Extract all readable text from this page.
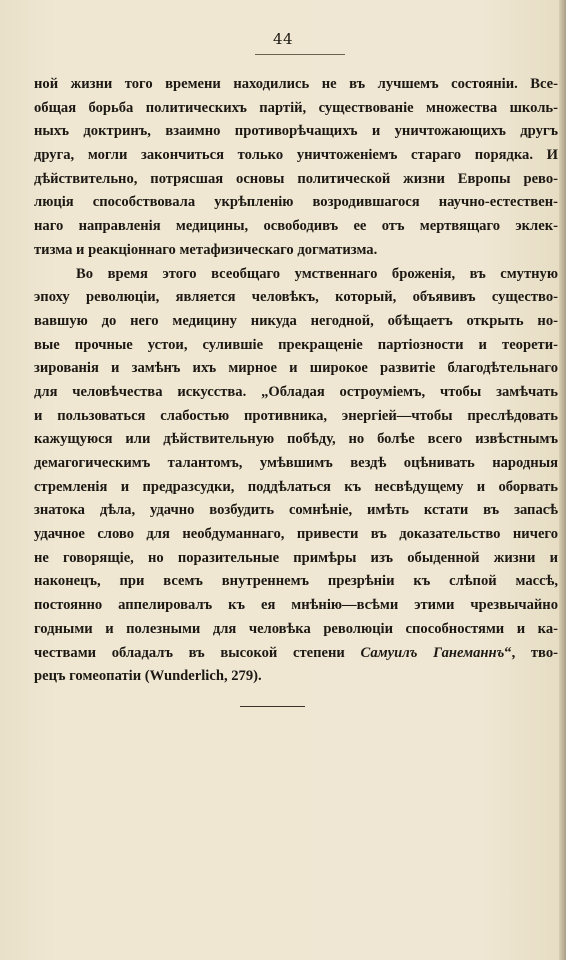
44
ной жизни того времени находились не въ лучшемъ состояніи. Все-
общая борьба политическихъ партій, существованіе множества школь-
ныхъ доктринъ, взаимно противорѣчащихъ и уничтожающихъ другъ
друга, могли закончиться только уничтоженіемъ стараго порядка. И
дѣйствительно, потрясшая основы политической жизни Европы рево-
люція способствовала укрѣпленію возродившагося научно-естествен-
наго направленія медицины, освободивъ ее отъ мертвящаго эклек-
тизма и реакціоннаго метафизическаго догматизма.
Во время этого всеобщаго умственнаго броженія, въ смутную
эпоху революціи, является человѣкъ, который, объявивъ существо-
вавшую до него медицину никуда негодной, обѣщаетъ открыть но-
вые прочные устои, сулившіе прекращеніе партіозности и теорети-
зированія и замѣнъ ихъ мирное и широкое развитіе благодѣтельнаго
для человѣчества искусства. „Обладая остроуміемъ, чтобы замѣчать
и пользоваться слабостью противника, энергіей—чтобы преслѣдовать
кажущуюся или дѣйствительную побѣду, но болѣе всего извѣстнымъ
демагогическимъ талантомъ, умѣвшимъ вездѣ оцѣнивать народныя
стремленія и предразсудки, поддѣлаться къ несвѣдущему и оборвать
знатока дѣла, удачно возбудить сомнѣніе, имѣть кстати въ запасѣ
удачное слово для необдуманнаго, привести въ доказательство ничего
не говорящіе, но поразительные примѣры изъ обыденной жизни и
наконецъ, при всемъ внутреннемъ презрѣніи къ слѣпой массѣ,
постоянно аппелировалъ къ ея мнѣнію—всѣми этими чрезвычайно
годными и полезными для человѣка революціи способностями и ка-
чествами обладалъ въ высокой степени Самуилъ Ганеманнъ“, тво-
рецъ гомеопатіи (Wunderlich, 279).
